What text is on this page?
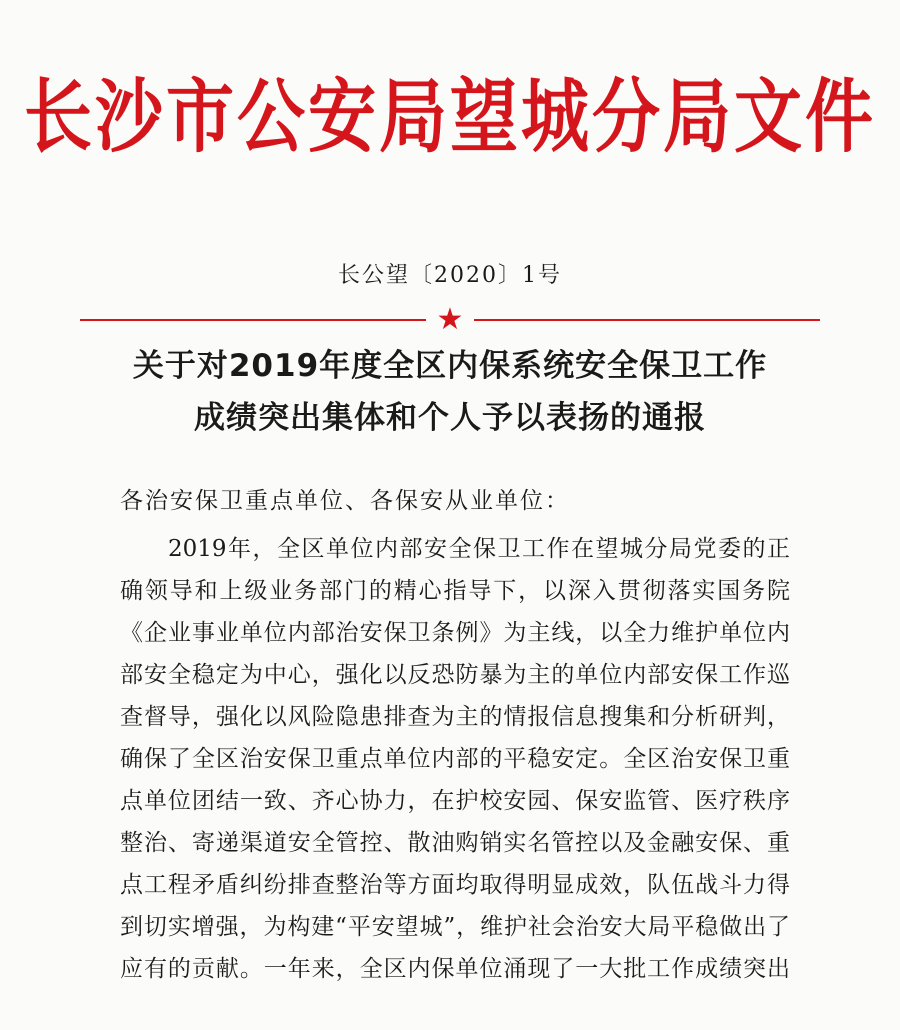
长沙市公安局望城分局文件
长公望〔2020〕1号
★
关于对2019年度全区内保系统安全保卫工作
成绩突出集体和个人予以表扬的通报
各治安保卫重点单位、各保安从业单位：
2019年，全区单位内部安全保卫工作在望城分局党委的正
确领导和上级业务部门的精心指导下，以深入贯彻落实国务院
《企业事业单位内部治安保卫条例》为主线，以全力维护单位内
部安全稳定为中心，强化以反恐防暴为主的单位内部安保工作巡
查督导，强化以风险隐患排查为主的情报信息搜集和分析研判，
确保了全区治安保卫重点单位内部的平稳安定。全区治安保卫重
点单位团结一致、齐心协力，在护校安园、保安监管、医疗秩序
整治、寄递渠道安全管控、散油购销实名管控以及金融安保、重
点工程矛盾纠纷排查整治等方面均取得明显成效，队伍战斗力得
到切实增强，为构建“平安望城”，维护社会治安大局平稳做出了
应有的贡献。一年来，全区内保单位涌现了一大批工作成绩突出
